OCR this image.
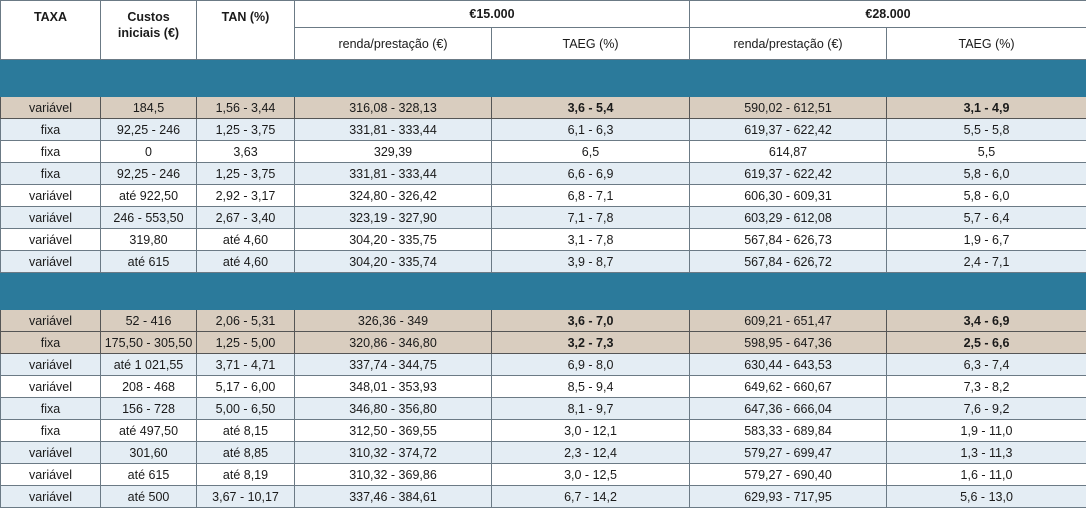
TAXA	Custos iniciais (€)	TAN (%)	€15.000		€28.000	
			renda/prestação (€)	TAEG (%)	renda/prestação (€)	TAEG (%)

variável	184,5	1,56 - 3,44	316,08 - 328,13	3,6 - 5,4	590,02 - 612,51	3,1 - 4,9
fixa	92,25 - 246	1,25 - 3,75	331,81 - 333,44	6,1 - 6,3	619,37 - 622,42	5,5 - 5,8
fixa	0	3,63	329,39	6,5	614,87	5,5
fixa	92,25 - 246	1,25 - 3,75	331,81 - 333,44	6,6 - 6,9	619,37 - 622,42	5,8 - 6,0
variável	até 922,50	2,92 - 3,17	324,80 - 326,42	6,8 - 7,1	606,30 - 609,31	5,8 - 6,0
variável	246 - 553,50	2,67 - 3,40	323,19 - 327,90	7,1 - 7,8	603,29 - 612,08	5,7 - 6,4
variável	319,80	até 4,60	304,20 - 335,75	3,1 - 7,8	567,84 - 626,73	1,9 - 6,7
variável	até 615	até 4,60	304,20 - 335,74	3,9 - 8,7	567,84 - 626,72	2,4 - 7,1

variável	52 - 416	2,06 - 5,31	326,36 - 349	3,6 - 7,0	609,21 - 651,47	3,4 - 6,9
fixa	175,50 - 305,50	1,25 - 5,00	320,86 - 346,80	3,2 - 7,3	598,95 - 647,36	2,5 - 6,6
variável	até 1 021,55	3,71 - 4,71	337,74 - 344,75	6,9 - 8,0	630,44 - 643,53	6,3 - 7,4
variável	208 - 468	5,17 - 6,00	348,01 - 353,93	8,5 - 9,4	649,62 - 660,67	7,3 - 8,2
fixa	156 - 728	5,00 - 6,50	346,80 - 356,80	8,1 - 9,7	647,36 - 666,04	7,6 - 9,2
fixa	até 497,50	até 8,15	312,50 - 369,55	3,0 - 12,1	583,33 - 689,84	1,9 - 11,0
variável	301,60	até 8,85	310,32 - 374,72	2,3 - 12,4	579,27 - 699,47	1,3 - 11,3
variável	até 615	até 8,19	310,32 - 369,86	3,0 - 12,5	579,27 - 690,40	1,6 - 11,0
variável	até 500	3,67 - 10,17	337,46 - 384,61	6,7 - 14,2	629,93 - 717,95	5,6 - 13,0
